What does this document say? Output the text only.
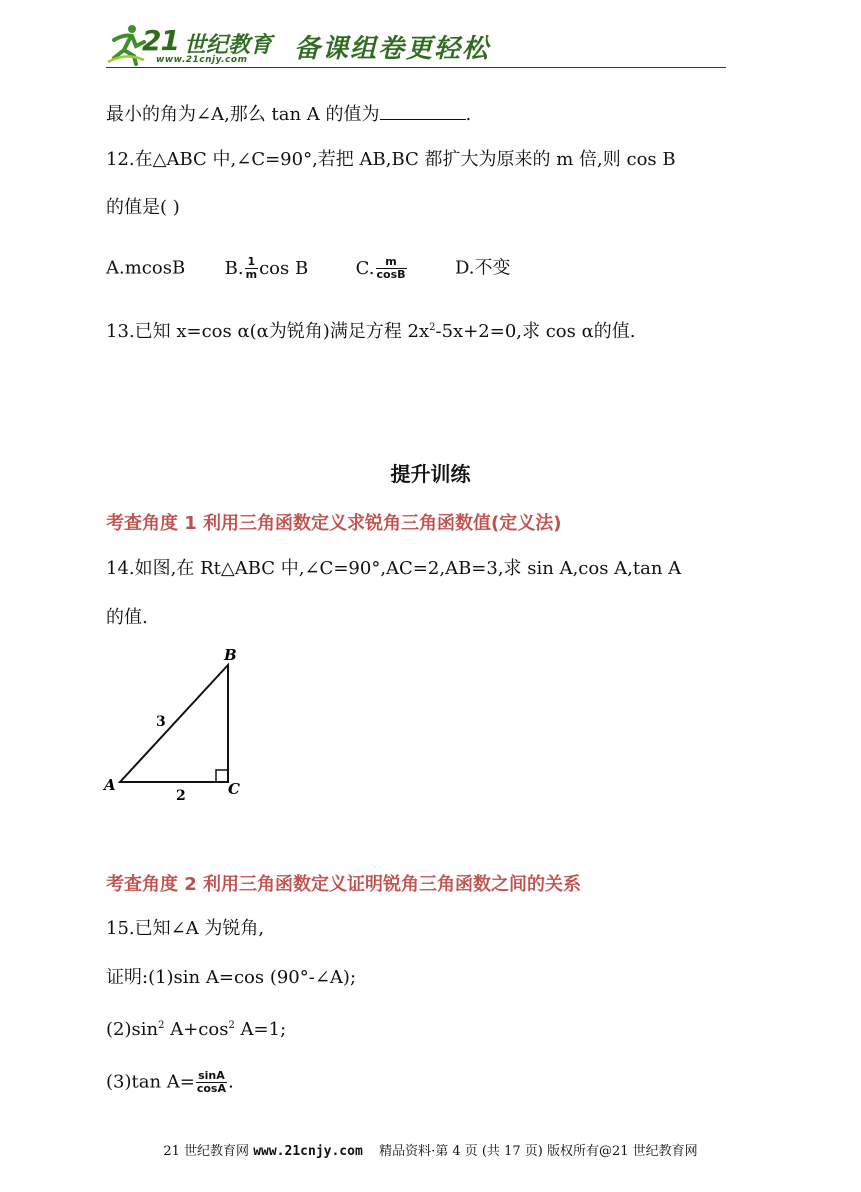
21 世纪教育
www.21cnjy.com 备课组卷更轻松
最小的角为∠A,那么 tan A 的值为	.
12.在△ABC 中,∠C=90°,若把 AB,BC 都扩大为原来的 m 倍,则 cos B
的值是( )
A.mcosB B. $\frac{1}{m}$ cos B	C. $\frac{m}{\cos B}$	D.不变
13.已知 x=cos α(α为锐角)满足方程 $2x^2-5x+2=0$,求 cos α的值.
提升训练
考查角度 1 利用三角函数定义求锐角三角函数值(定义法)
14.如图,在 Rt△ABC 中,∠C=90°,AC=2,AB=3,求 sin A,cos A,tan A
的值.
B
A	C
3
2
考查角度 2 利用三角函数定义证明锐角三角函数之间的关系
15.已知∠A 为锐角,
证明:(1)sin A=cos (90°-∠A);
$(2)\sin^2$ $A+\cos^2$ A=1;
(3)tan $A= \frac{\sin A}{\cos A}$ .
21 世纪教育网 www.21cnjy.com 精品资料·第 4 页 (共 17 页) 版权所有@21 世纪教育网
